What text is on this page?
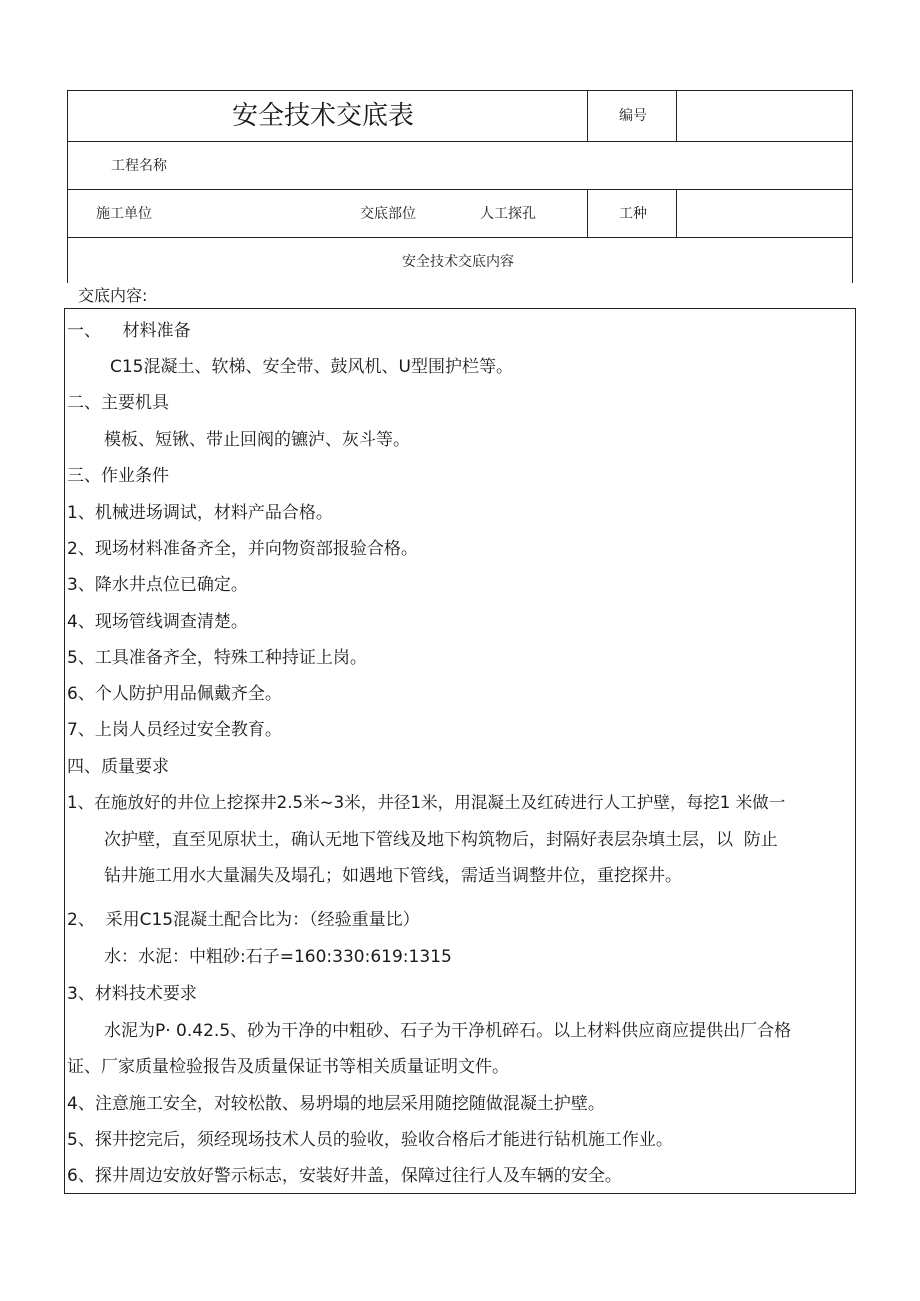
安全技术交底表	编号
工程名称
施工单位	交底部位	人工探孔	工种
安全技术交底内容
交底内容:
一、    材料准备
C15混凝土、软梯、安全带、鼓风机、U型围护栏等。
二、主要机具
模板、短锹、带止回阀的镳泸、灰斗等。
三、作业条件
1、机械进场调试，材料产品合格。
2、现场材料准备齐全，并向物资部报验合格。
3、降水井点位已确定。
4、现场管线调查清楚。
5、工具准备齐全，特殊工种持证上岗。
6、个人防护用品佩戴齐全。
7、上岗人员经过安全教育。
四、质量要求
1、在施放好的井位上挖探井2.5米~3米，井径1米，用混凝土及红砖进行人工护壁，每挖1 米做一
次护壁，直至见原状土，确认无地下管线及地下构筑物后，封隔好表层杂填土层，以  防止
钻井施工用水大量漏失及塌孔；如遇地下管线，需适当调整井位，重挖探井。
2、  采用C15混凝土配合比为：（经验重量比）
水：水泥：中粗砂:石子=160:330:619:1315
3、材料技术要求
水泥为P· 0.42.5、砂为干净的中粗砂、石子为干净机碎石。以上材料供应商应提供出厂合格
证、厂家质量检验报告及质量保证书等相关质量证明文件。
4、注意施工安全，对较松散、易坍塌的地层采用随挖随做混凝土护壁。
5、探井挖完后，须经现场技术人员的验收，验收合格后才能进行钻机施工作业。
6、探井周边安放好警示标志，安装好井盖，保障过往行人及车辆的安全。
